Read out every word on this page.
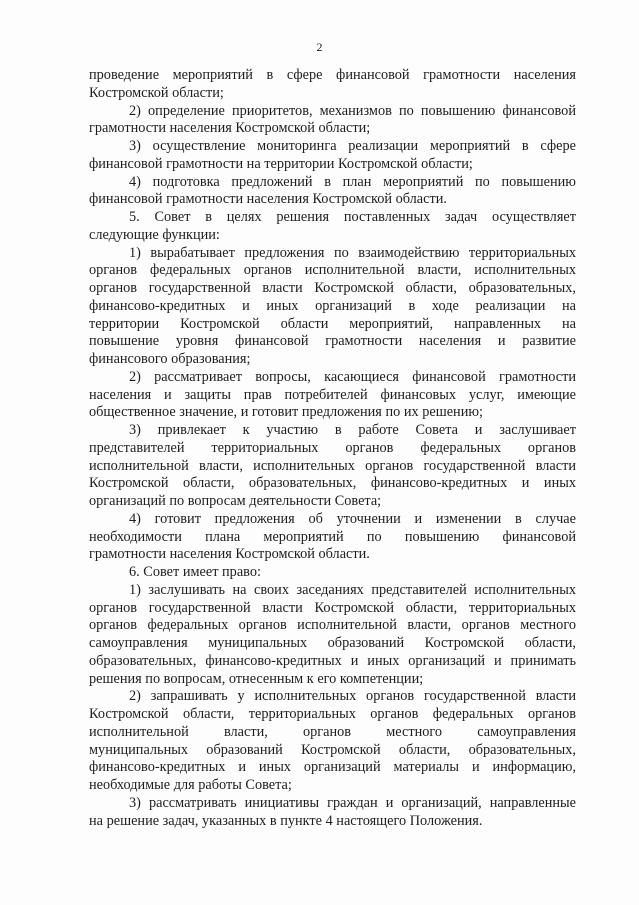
2
проведение мероприятий в сфере финансовой грамотности населения
Костромской области;
2) определение приоритетов, механизмов по повышению финансовой
грамотности населения Костромской области;
3) осуществление мониторинга реализации мероприятий в сфере
финансовой грамотности на территории Костромской области;
4) подготовка предложений в план мероприятий по повышению
финансовой грамотности населения Костромской области.
5. Совет в целях решения поставленных задач осуществляет
следующие функции:
1) вырабатывает предложения по взаимодействию территориальных
органов федеральных органов исполнительной власти, исполнительных
органов государственной власти Костромской области, образовательных,
финансово-кредитных и иных организаций в ходе реализации на
территории Костромской области мероприятий, направленных на
повышение уровня финансовой грамотности населения и развитие
финансового образования;
2) рассматривает вопросы, касающиеся финансовой грамотности
населения и защиты прав потребителей финансовых услуг, имеющие
общественное значение, и готовит предложения по их решению;
3) привлекает к участию в работе Совета и заслушивает
представителей территориальных органов федеральных органов
исполнительной власти, исполнительных органов государственной власти
Костромской области, образовательных, финансово-кредитных и иных
организаций по вопросам деятельности Совета;
4) готовит предложения об уточнении и изменении в случае
необходимости плана мероприятий по повышению финансовой
грамотности населения Костромской области.
6. Совет имеет право:
1) заслушивать на своих заседаниях представителей исполнительных
органов государственной власти Костромской области, территориальных
органов федеральных органов исполнительной власти, органов местного
самоуправления муниципальных образований Костромской области,
образовательных, финансово-кредитных и иных организаций и принимать
решения по вопросам, отнесенным к его компетенции;
2) запрашивать у исполнительных органов государственной власти
Костромской области, территориальных органов федеральных органов
исполнительной власти, органов местного самоуправления
муниципальных образований Костромской области, образовательных,
финансово-кредитных и иных организаций материалы и информацию,
необходимые для работы Совета;
3) рассматривать инициативы граждан и организаций, направленные
на решение задач, указанных в пункте 4 настоящего Положения.
